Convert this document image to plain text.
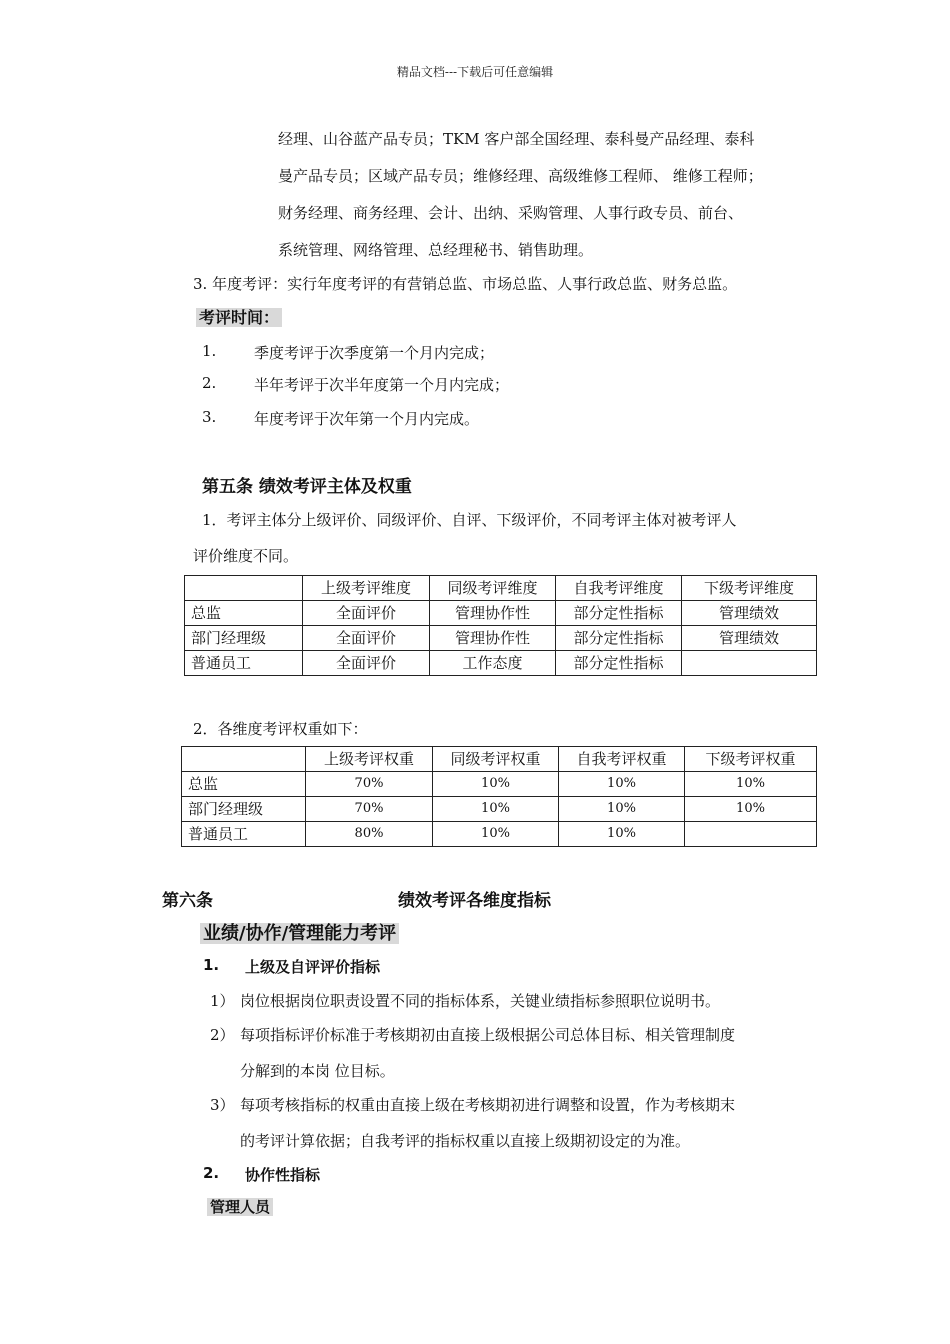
精品文档---下载后可任意编辑
经理、山谷蓝产品专员；TKM 客户部全国经理、泰科曼产品经理、泰科
曼产品专员；区域产品专员；维修经理、高级维修工程师、 维修工程师；
财务经理、商务经理、会计、出纳、采购管理、人事行政专员、前台、
系统管理、网络管理、总经理秘书、销售助理。
3. 年度考评：实行年度考评的有营销总监、市场总监、人事行政总监、财务总监。
考评时间：
1.	季度考评于次季度第一个月内完成；
2.	半年考评于次半年度第一个月内完成；
3.	年度考评于次年第一个月内完成。
第五条 绩效考评主体及权重
1．考评主体分上级评价、同级评价、自评、下级评价，不同考评主体对被考评人
评价维度不同。
	上级考评维度	同级考评维度	自我考评维度	下级考评维度
总监	全面评价	管理协作性	部分定性指标	管理绩效
部门经理级	全面评价	管理协作性	部分定性指标	管理绩效
普通员工	全面评价	工作态度	部分定性指标	
2．各维度考评权重如下：
	上级考评权重	同级考评权重	自我考评权重	下级考评权重
总监	70%	10%	10%	10%
部门经理级	70%	10%	10%	10%
普通员工	80%	10%	10%	
第六条	绩效考评各维度指标
业绩/协作/管理能力考评
1. 上级及自评评价指标
1） 岗位根据岗位职责设置不同的指标体系，关键业绩指标参照职位说明书。
2） 每项指标评价标准于考核期初由直接上级根据公司总体目标、相关管理制度
分解到的本岗 位目标。
3） 每项考核指标的权重由直接上级在考核期初进行调整和设置，作为考核期末
的考评计算依据；自我考评的指标权重以直接上级期初设定的为准。
2. 协作性指标
管理人员
